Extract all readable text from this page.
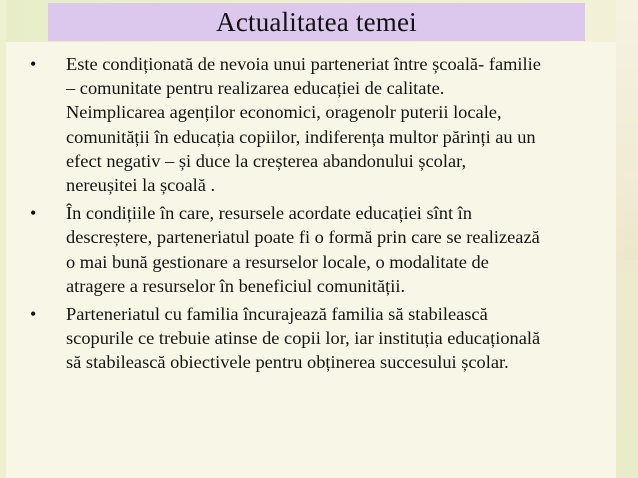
Actualitatea temei
• Este condiționată de nevoia unui parteneriat între școală- familie
– comunitate pentru realizarea educației de calitate.
Neimplicarea agenților economici, oragenolr puterii locale,
comunității în educația copiilor, indiferența multor părinți au un
efect negativ – și duce la creșterea abandonului școlar,
nereușitei la școală .
• În condițiile în care, resursele acordate educației sînt în
descreștere, parteneriatul poate fi o formă prin care se realizează
o mai bună gestionare a resurselor locale, o modalitate de
atragere a resurselor în beneficiul comunității.
• Parteneriatul cu familia încurajează familia să stabilească
scopurile ce trebuie atinse de copii lor, iar instituția educațională
să stabilească obiectivele pentru obținerea succesului școlar.
